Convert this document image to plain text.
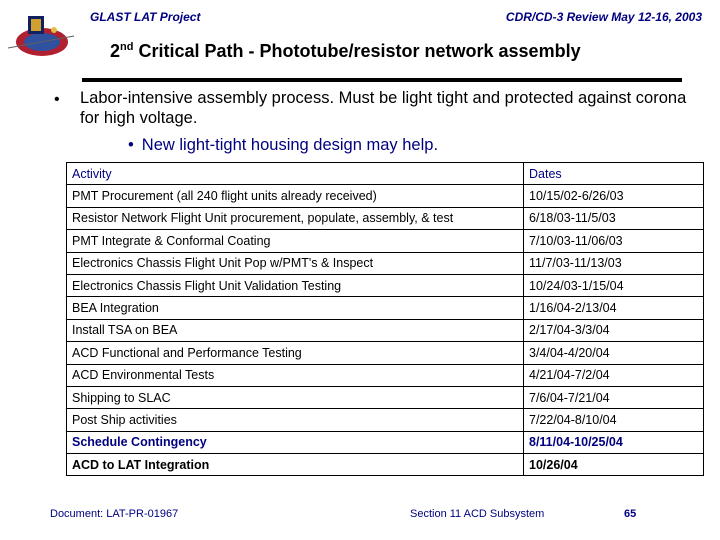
GLAST LAT Project	CDR/CD-3 Review May 12-16, 2003
2nd Critical Path - Phototube/resistor network assembly
• Labor-intensive assembly process. Must be light tight and protected against corona for high voltage.
• New light-tight housing design may help.
Activity	Dates
PMT Procurement (all 240 flight units already received)	10/15/02-6/26/03
Resistor Network Flight Unit procurement, populate, assembly, & test	6/18/03-11/5/03
PMT Integrate & Conformal Coating	7/10/03-11/06/03
Electronics Chassis Flight Unit Pop w/PMT's & Inspect	11/7/03-11/13/03
Electronics Chassis Flight Unit Validation Testing	10/24/03-1/15/04
BEA Integration	1/16/04-2/13/04
Install TSA on BEA	2/17/04-3/3/04
ACD Functional and Performance Testing	3/4/04-4/20/04
ACD Environmental Tests	4/21/04-7/2/04
Shipping to SLAC	7/6/04-7/21/04
Post Ship activities	7/22/04-8/10/04
Schedule Contingency	8/11/04-10/25/04
ACD to LAT Integration	10/26/04
Document: LAT-PR-01967	Section 11 ACD Subsystem	65
